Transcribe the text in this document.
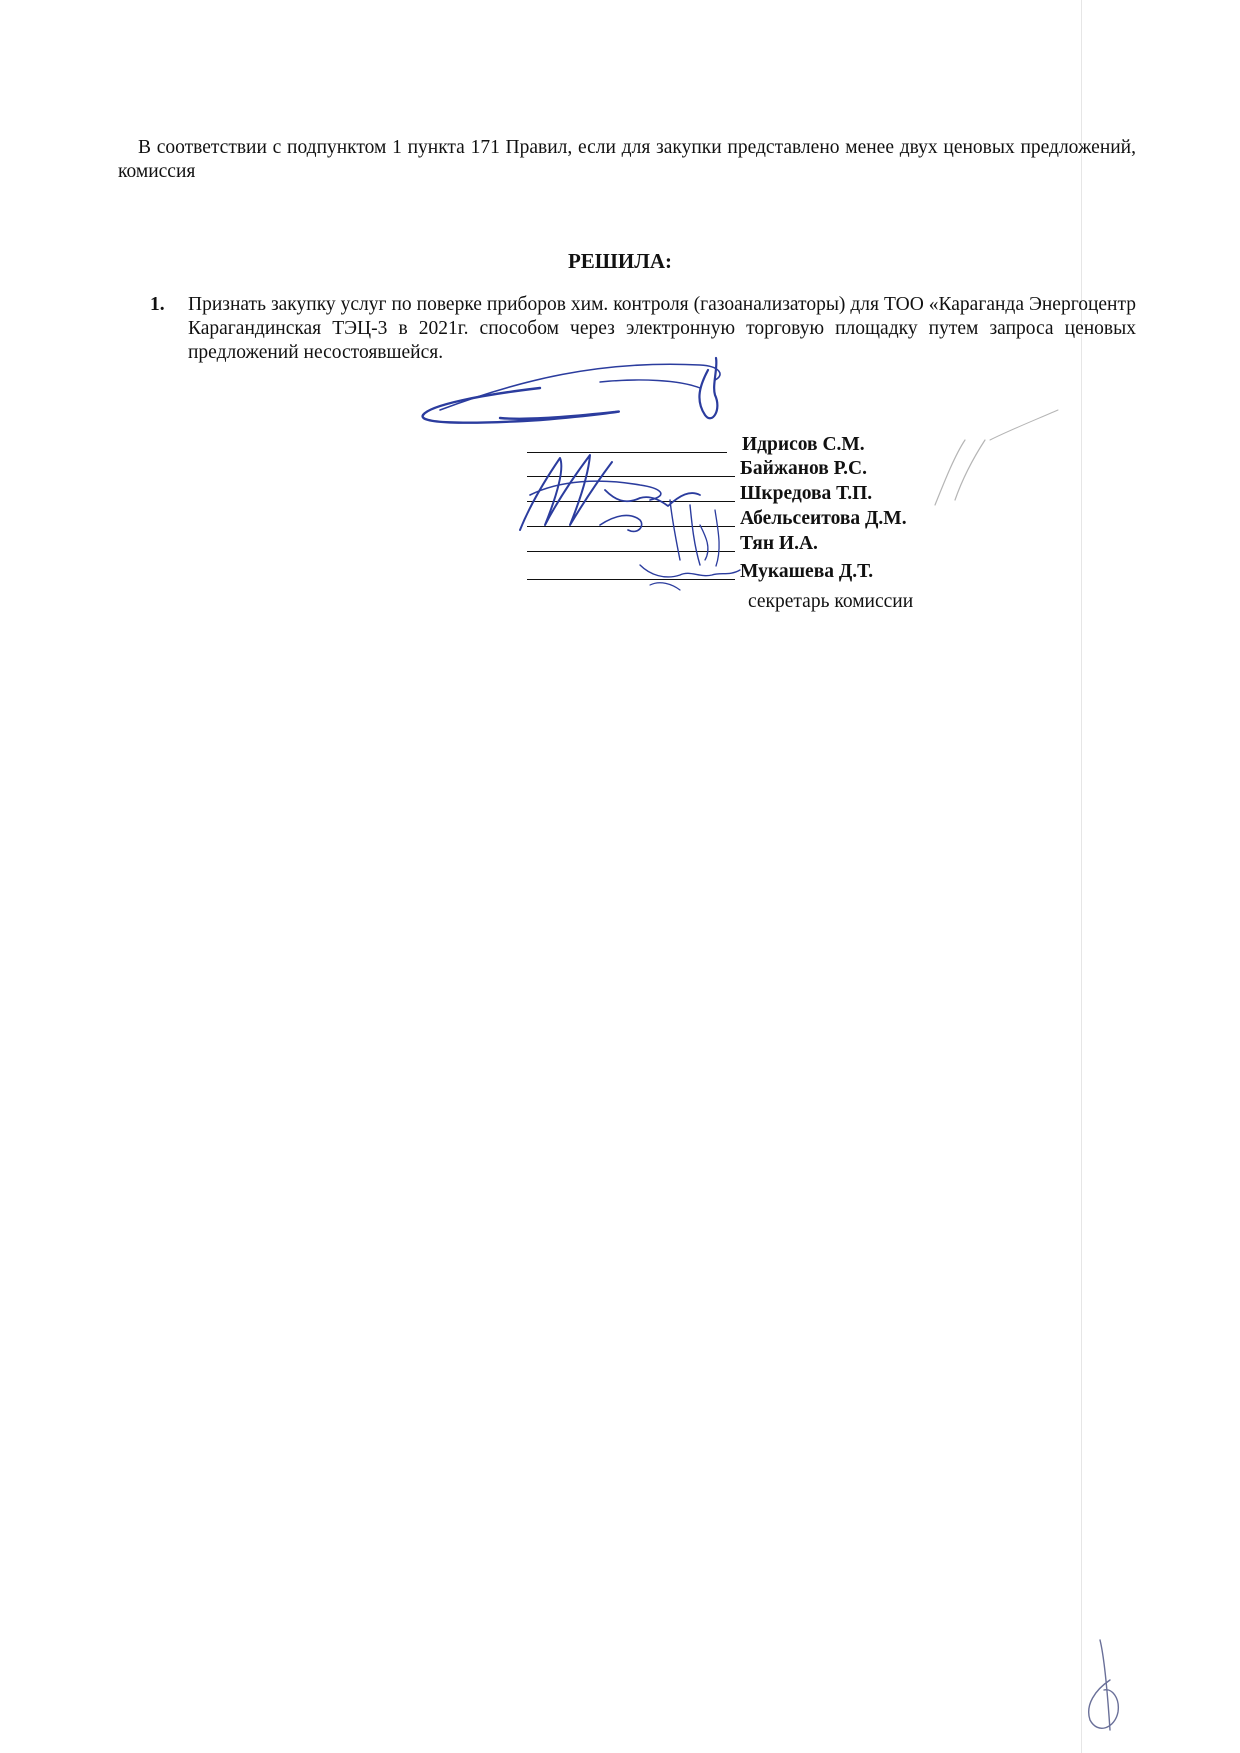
В соответствии с подпунктом 1 пункта 171 Правил, если для закупки представлено менее двух ценовых предложений, комиссия
РЕШИЛА:
1. Признать закупку услуг по поверке приборов хим. контроля (газоанализаторы) для ТОО «Караганда Энергоцентр Карагандинская ТЭЦ-3 в 2021г. способом через электронную торговую площадку путем запроса ценовых предложений несостоявшейся.
Идрисов С.М.
Байжанов Р.С.
Шкредова Т.П.
Абельсеитова Д.М.
Тян И.А.
Мукашева Д.Т.
секретарь комиссии
